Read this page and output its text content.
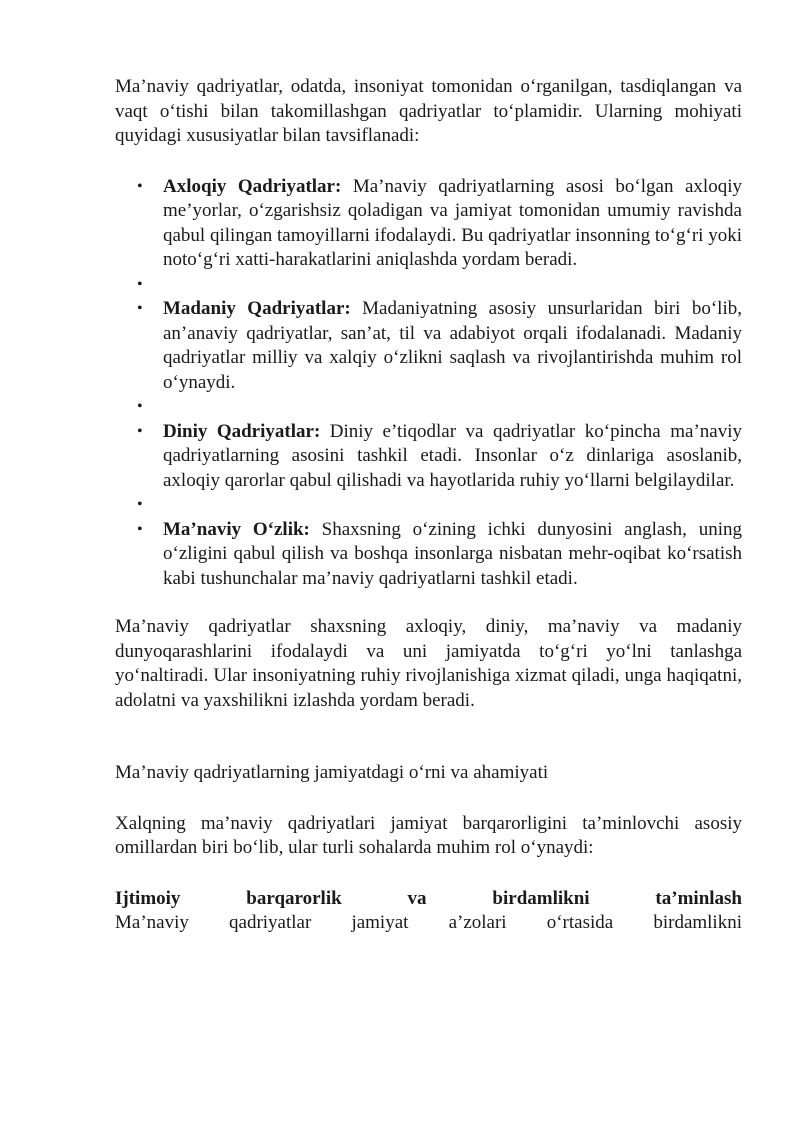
Ma’naviy qadriyatlar, odatda, insoniyat tomonidan o‘rganilgan, tasdiqlangan va vaqt o‘tishi bilan takomillashgan qadriyatlar to‘plamidir. Ularning mohiyati quyidagi xususiyatlar bilan tavsiflanadi:

• Axloqiy Qadriyatlar: Ma’naviy qadriyatlarning asosi bo‘lgan axloqiy me’yorlar, o‘zgarishsiz qoladigan va jamiyat tomonidan umumiy ravishda qabul qilingan tamoyillarni ifodalaydi. Bu qadriyatlar insonning to‘g‘ri yoki noto‘g‘ri xatti-harakatlarini aniqlashda yordam beradi.
•
• Madaniy Qadriyatlar: Madaniyatning asosiy unsurlaridan biri bo‘lib, an’anaviy qadriyatlar, san’at, til va adabiyot orqali ifodalanadi. Madaniy qadriyatlar milliy va xalqiy o‘zlikni saqlash va rivojlantirishda muhim rol o‘ynaydi.
•
• Diniy Qadriyatlar: Diniy e’tiqodlar va qadriyatlar ko‘pincha ma’naviy qadriyatlarning asosini tashkil etadi. Insonlar o‘z dinlariga asoslanib, axloqiy qarorlar qabul qilishadi va hayotlarida ruhiy yo‘llarni belgilaydilar.
•
• Ma’naviy O‘zlik: Shaxsning o‘zining ichki dunyosini anglash, uning o‘zligini qabul qilish va boshqa insonlarga nisbatan mehr-oqibat ko‘rsatish kabi tushunchalar ma’naviy qadriyatlarni tashkil etadi.

Ma’naviy qadriyatlar shaxsning axloqiy, diniy, ma’naviy va madaniy dunyoqarashlarini ifodalaydi va uni jamiyatda to‘g‘ri yo‘lni tanlashga yo‘naltiradi. Ular insoniyatning ruhiy rivojlanishiga xizmat qiladi, unga haqiqatni, adolatni va yaxshilikni izlashda yordam beradi.

Ma’naviy qadriyatlarning jamiyatdagi o‘rni va ahamiyati

Xalqning ma’naviy qadriyatlari jamiyat barqarorligini ta’minlovchi asosiy omillardan biri bo‘lib, ular turli sohalarda muhim rol o‘ynaydi:

Ijtimoiy barqarorlik va birdamlikni ta’minlash

Ma’naviy qadriyatlar jamiyat a’zolari o‘rtasida birdamlikni
